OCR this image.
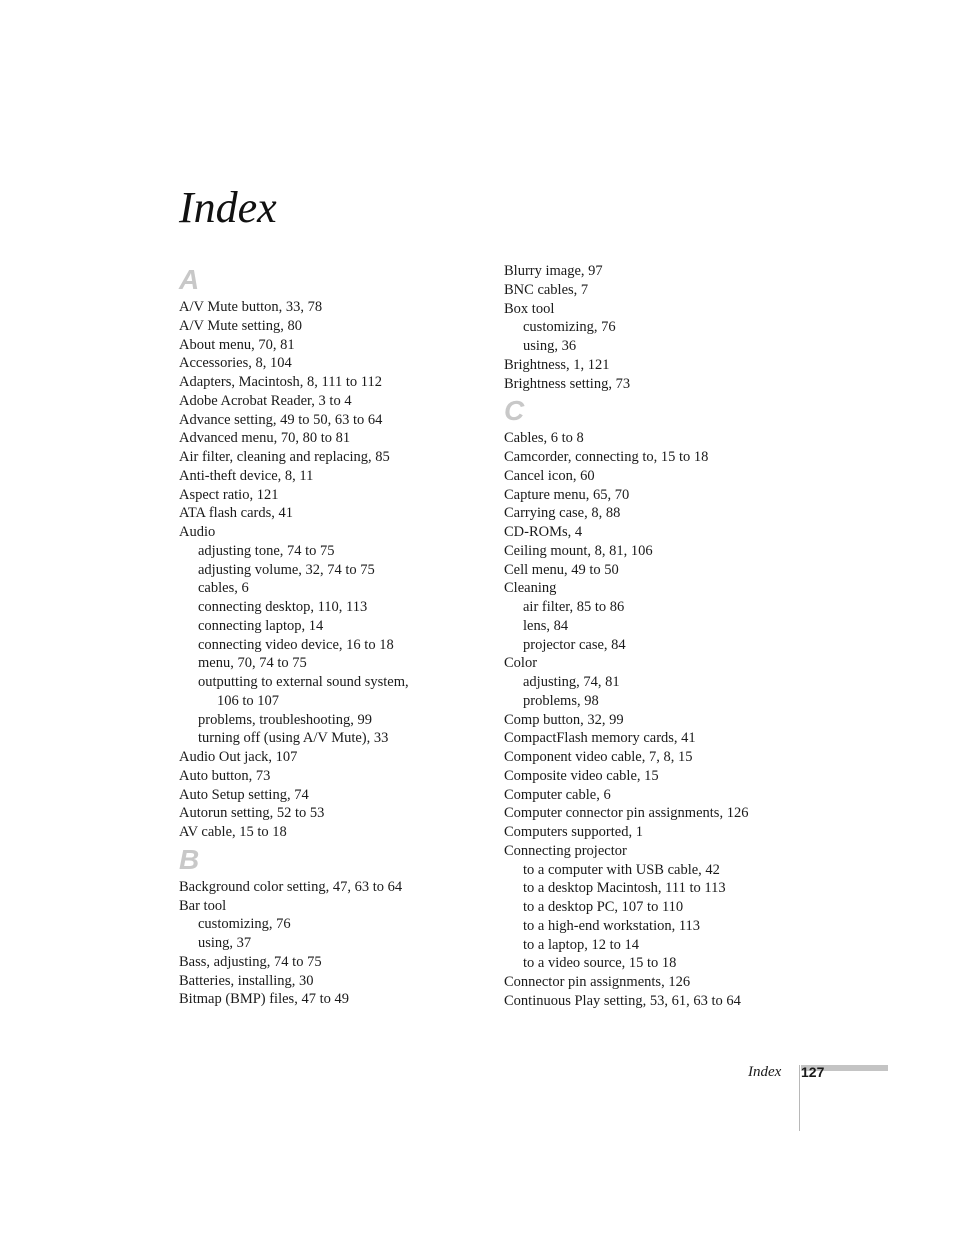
Index
A
A/V Mute button, 33, 78
A/V Mute setting, 80
About menu, 70, 81
Accessories, 8, 104
Adapters, Macintosh, 8, 111 to 112
Adobe Acrobat Reader, 3 to 4
Advance setting, 49 to 50, 63 to 64
Advanced menu, 70, 80 to 81
Air filter, cleaning and replacing, 85
Anti-theft device, 8, 11
Aspect ratio, 121
ATA flash cards, 41
Audio
adjusting tone, 74 to 75
adjusting volume, 32, 74 to 75
cables, 6
connecting desktop, 110, 113
connecting laptop, 14
connecting video device, 16 to 18
menu, 70, 74 to 75
outputting to external sound system,
106 to 107
problems, troubleshooting, 99
turning off (using A/V Mute), 33
Audio Out jack, 107
Auto button, 73
Auto Setup setting, 74
Autorun setting, 52 to 53
AV cable, 15 to 18
B
Background color setting, 47, 63 to 64
Bar tool
customizing, 76
using, 37
Bass, adjusting, 74 to 75
Batteries, installing, 30
Bitmap (BMP) files, 47 to 49
Blurry image, 97
BNC cables, 7
Box tool
customizing, 76
using, 36
Brightness, 1, 121
Brightness setting, 73
C
Cables, 6 to 8
Camcorder, connecting to, 15 to 18
Cancel icon, 60
Capture menu, 65, 70
Carrying case, 8, 88
CD-ROMs, 4
Ceiling mount, 8, 81, 106
Cell menu, 49 to 50
Cleaning
air filter, 85 to 86
lens, 84
projector case, 84
Color
adjusting, 74, 81
problems, 98
Comp button, 32, 99
CompactFlash memory cards, 41
Component video cable, 7, 8, 15
Composite video cable, 15
Computer cable, 6
Computer connector pin assignments, 126
Computers supported, 1
Connecting projector
to a computer with USB cable, 42
to a desktop Macintosh, 111 to 113
to a desktop PC, 107 to 110
to a high-end workstation, 113
to a laptop, 12 to 14
to a video source, 15 to 18
Connector pin assignments, 126
Continuous Play setting, 53, 61, 63 to 64
Index 127
